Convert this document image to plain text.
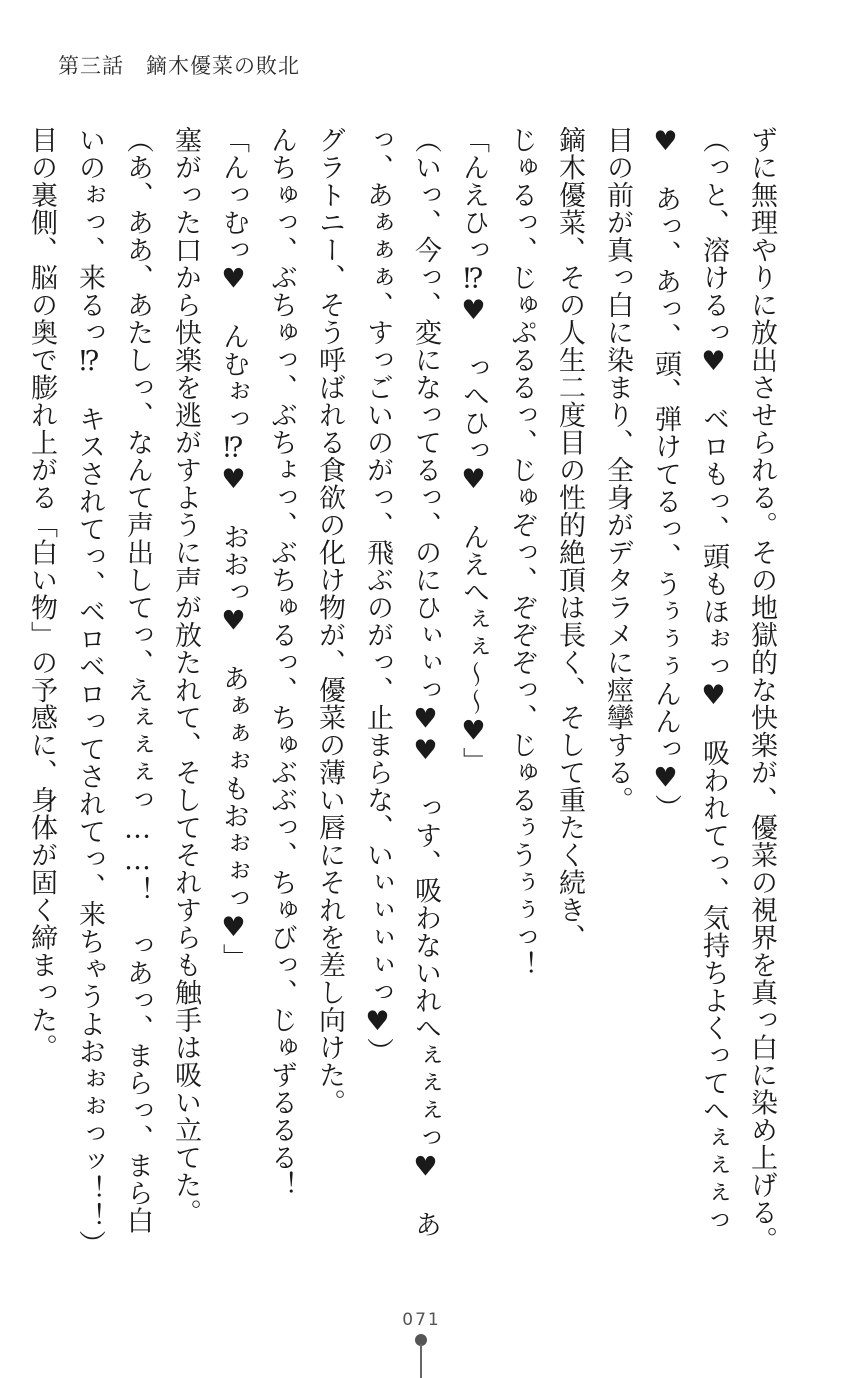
第三話　鏑木優菜の敗北
ずに無理やりに放出させられる。その地獄的な快楽が、優菜の視界を真っ白に染め上げる。
（っと、溶けるっ♥　ベロもっ、頭もほぉっ♥　吸われてっ、気持ちよくってへぇぇぇっ
♥　あっ、あっ、頭、弾けてるっ、うぅぅぅんんっ♥）
目の前が真っ白に染まり、全身がデタラメに痙攣する。
鏑木優菜、その人生二度目の性的絶頂は長く、そして重たく続き、
じゅるっ、じゅぷるるっ、じゅぞっ、ぞぞぞっ、じゅるぅうぅぅっ！
「んえひっ⁉♥　っへひっ♥　んえへぇぇ〜〜♥」
（いっ、今っ、変になってるっ、のにひぃぃっ♥♥　っす、吸わないれへぇぇぇっ♥　あ
っ、あぁぁぁ、すっごいのがっ、飛ぶのがっ、止まらな、いぃぃぃぃっ♥）
グラトニー、そう呼ばれる食欲の化け物が、優菜の薄い唇にそれを差し向けた。
んちゅっ、ぶちゅっ、ぶちょっ、ぶちゅるっ、ちゅぶぶっ、ちゅびっ、じゅずるるる！
「んっむっ♥　んむぉっ⁉♥　おおっ♥　あぁぁぉもおぉぉっ♥」
塞がった口から快楽を逃がすように声が放たれて、そしてそれすらも触手は吸い立てた。
（あ、ああ、あたしっ、なんて声出してっ、えぇぇぇっ……！　っあっ、まらっ、まら白
いのぉっ、来るっ⁉　キスされてっ、ベロベロってされてっ、来ちゃうよおぉぉっッ！！）
目の裏側、脳の奥で膨れ上がる「白い物」の予感に、身体が固く締まった。
071
